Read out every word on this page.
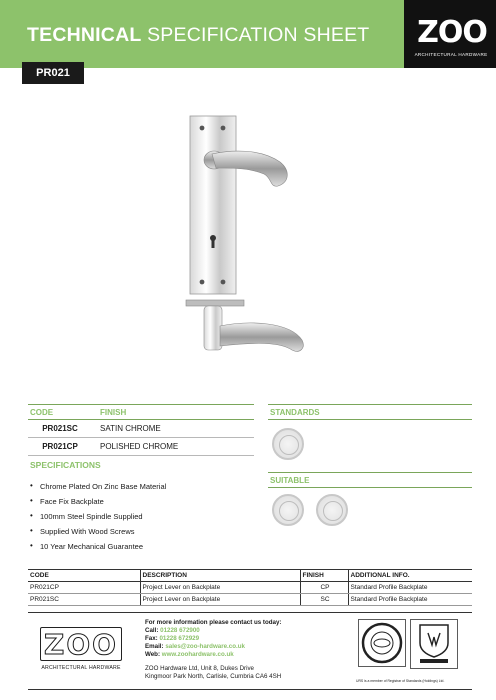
TECHNICAL SPECIFICATION SHEET
PR021
ZOO
ARCHITECTURAL HARDWARE
CODE	FINISH
PR021SC	SATIN CHROME
PR021CP	POLISHED CHROME
SPECIFICATIONS
• Chrome Plated On Zinc Base Material
• Face Fix Backplate
• 100mm Steel Spindle Supplied
• Supplied With Wood Screws
• 10 Year Mechanical Guarantee
STANDARDS
SUITABLE
CODE	DESCRIPTION	FINISH	ADDITIONAL INFO.
PR021CP	Project Lever on Backplate	CP	Standard Profile Backplate
PR021SC	Project Lever on Backplate	SC	Standard Profile Backplate
ZOO
ARCHITECTURAL HARDWARE
For more information please contact us today:
Call: 01228 672900
Fax: 01228 672929
Email: sales@zoo-hardware.co.uk
Web: www.zoohardware.co.uk
ZOO Hardware Ltd, Unit 8, Dukes Drive
Kingmoor Park North, Carlisle, Cumbria CA6 4SH
URS is a member of Registrar of Standards (Holdings) Ltd.
